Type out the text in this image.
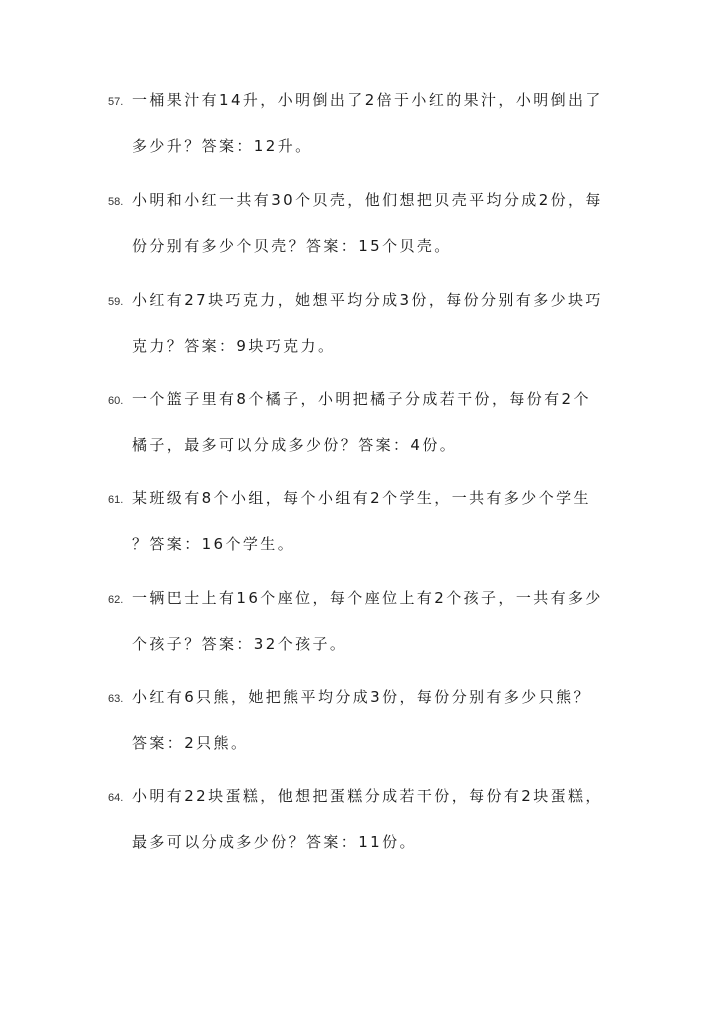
57. 一桶果汁有14升，小明倒出了2倍于小红的果汁，小明倒出了
多少升？答案：12升。
58. 小明和小红一共有30个贝壳，他们想把贝壳平均分成2份，每
份分别有多少个贝壳？答案：15个贝壳。
59. 小红有27块巧克力，她想平均分成3份，每份分别有多少块巧
克力？答案：9块巧克力。
60. 一个篮子里有8个橘子，小明把橘子分成若干份，每份有2个
橘子，最多可以分成多少份？答案：4份。
61. 某班级有8个小组，每个小组有2个学生，一共有多少个学生
？答案：16个学生。
62. 一辆巴士上有16个座位，每个座位上有2个孩子，一共有多少
个孩子？答案：32个孩子。
63. 小红有6只熊，她把熊平均分成3份，每份分别有多少只熊？
答案：2只熊。
64. 小明有22块蛋糕，他想把蛋糕分成若干份，每份有2块蛋糕，
最多可以分成多少份？答案：11份。
